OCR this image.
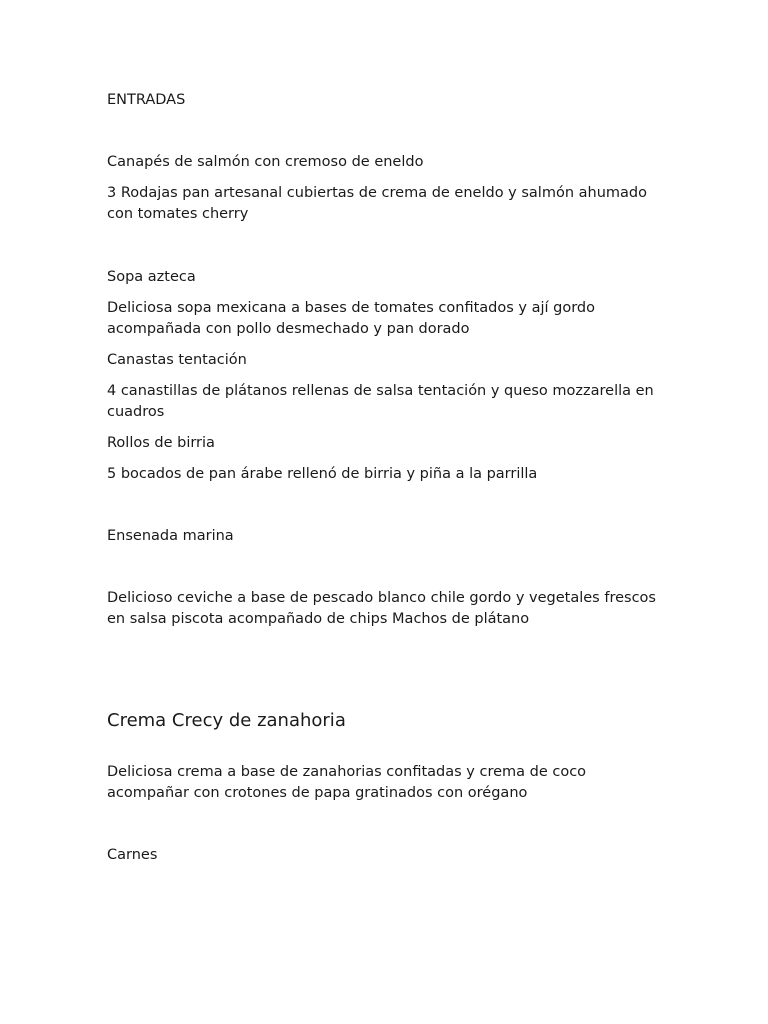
ENTRADAS
Canapés de salmón con cremoso de eneldo
3 Rodajas pan artesanal cubiertas de crema de eneldo y salmón ahumado con tomates cherry
Sopa azteca
Deliciosa sopa mexicana a bases de tomates confitados y ají gordo acompañada con pollo desmechado y pan dorado
Canastas tentación
4 canastillas de plátanos rellenas de salsa tentación y queso mozzarella en cuadros
Rollos de birria
5 bocados de pan árabe rellenó de birria y piña a la parrilla
Ensenada marina
Delicioso ceviche a base de pescado blanco chile gordo y vegetales frescos en salsa piscota acompañado de chips Machos de plátano
Crema Crecy de zanahoria
Deliciosa crema a base de zanahorias confitadas y crema de coco acompañar con crotones de papa gratinados con orégano
Carnes
